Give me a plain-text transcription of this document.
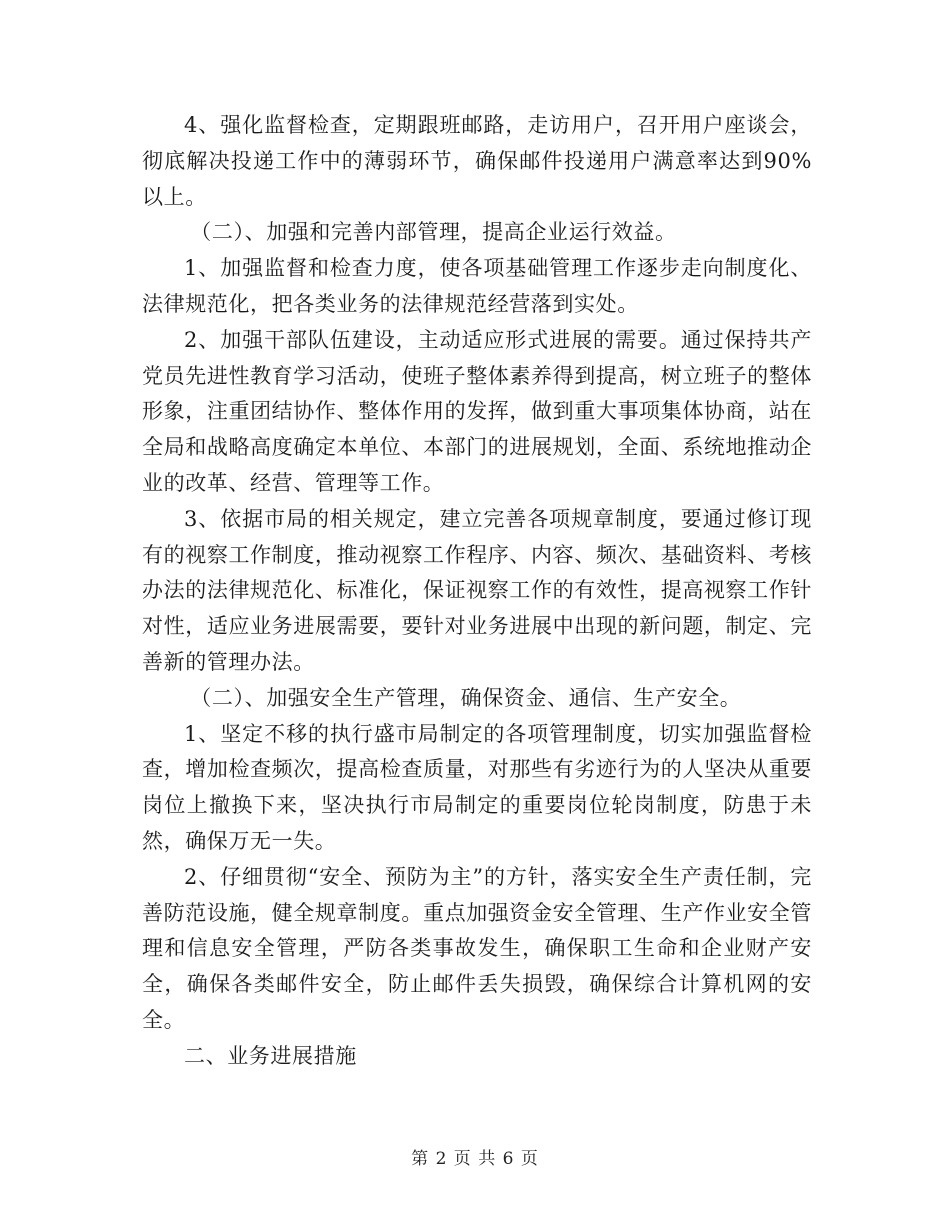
4、强化监督检查，定期跟班邮路，走访用户，召开用户座谈会，彻底解决投递工作中的薄弱环节，确保邮件投递用户满意率达到90%以上。

（二）、加强和完善内部管理，提高企业运行效益。

1、加强监督和检查力度，使各项基础管理工作逐步走向制度化、法律规范化，把各类业务的法律规范经营落到实处。

2、加强干部队伍建设，主动适应形式进展的需要。通过保持共产党员先进性教育学习活动，使班子整体素养得到提高，树立班子的整体形象，注重团结协作、整体作用的发挥，做到重大事项集体协商，站在全局和战略高度确定本单位、本部门的进展规划，全面、系统地推动企业的改革、经营、管理等工作。

3、依据市局的相关规定，建立完善各项规章制度，要通过修订现有的视察工作制度，推动视察工作程序、内容、频次、基础资料、考核办法的法律规范化、标准化，保证视察工作的有效性，提高视察工作针对性，适应业务进展需要，要针对业务进展中出现的新问题，制定、完善新的管理办法。

（二）、加强安全生产管理，确保资金、通信、生产安全。

1、坚定不移的执行盛市局制定的各项管理制度，切实加强监督检查，增加检查频次，提高检查质量，对那些有劣迹行为的人坚决从重要岗位上撤换下来，坚决执行市局制定的重要岗位轮岗制度，防患于未然，确保万无一失。

2、仔细贯彻“安全、预防为主”的方针，落实安全生产责任制，完善防范设施，健全规章制度。重点加强资金安全管理、生产作业安全管理和信息安全管理，严防各类事故发生，确保职工生命和企业财产安全，确保各类邮件安全，防止邮件丢失损毁，确保综合计算机网的安全。

二、业务进展措施

第 2 页 共 6 页
